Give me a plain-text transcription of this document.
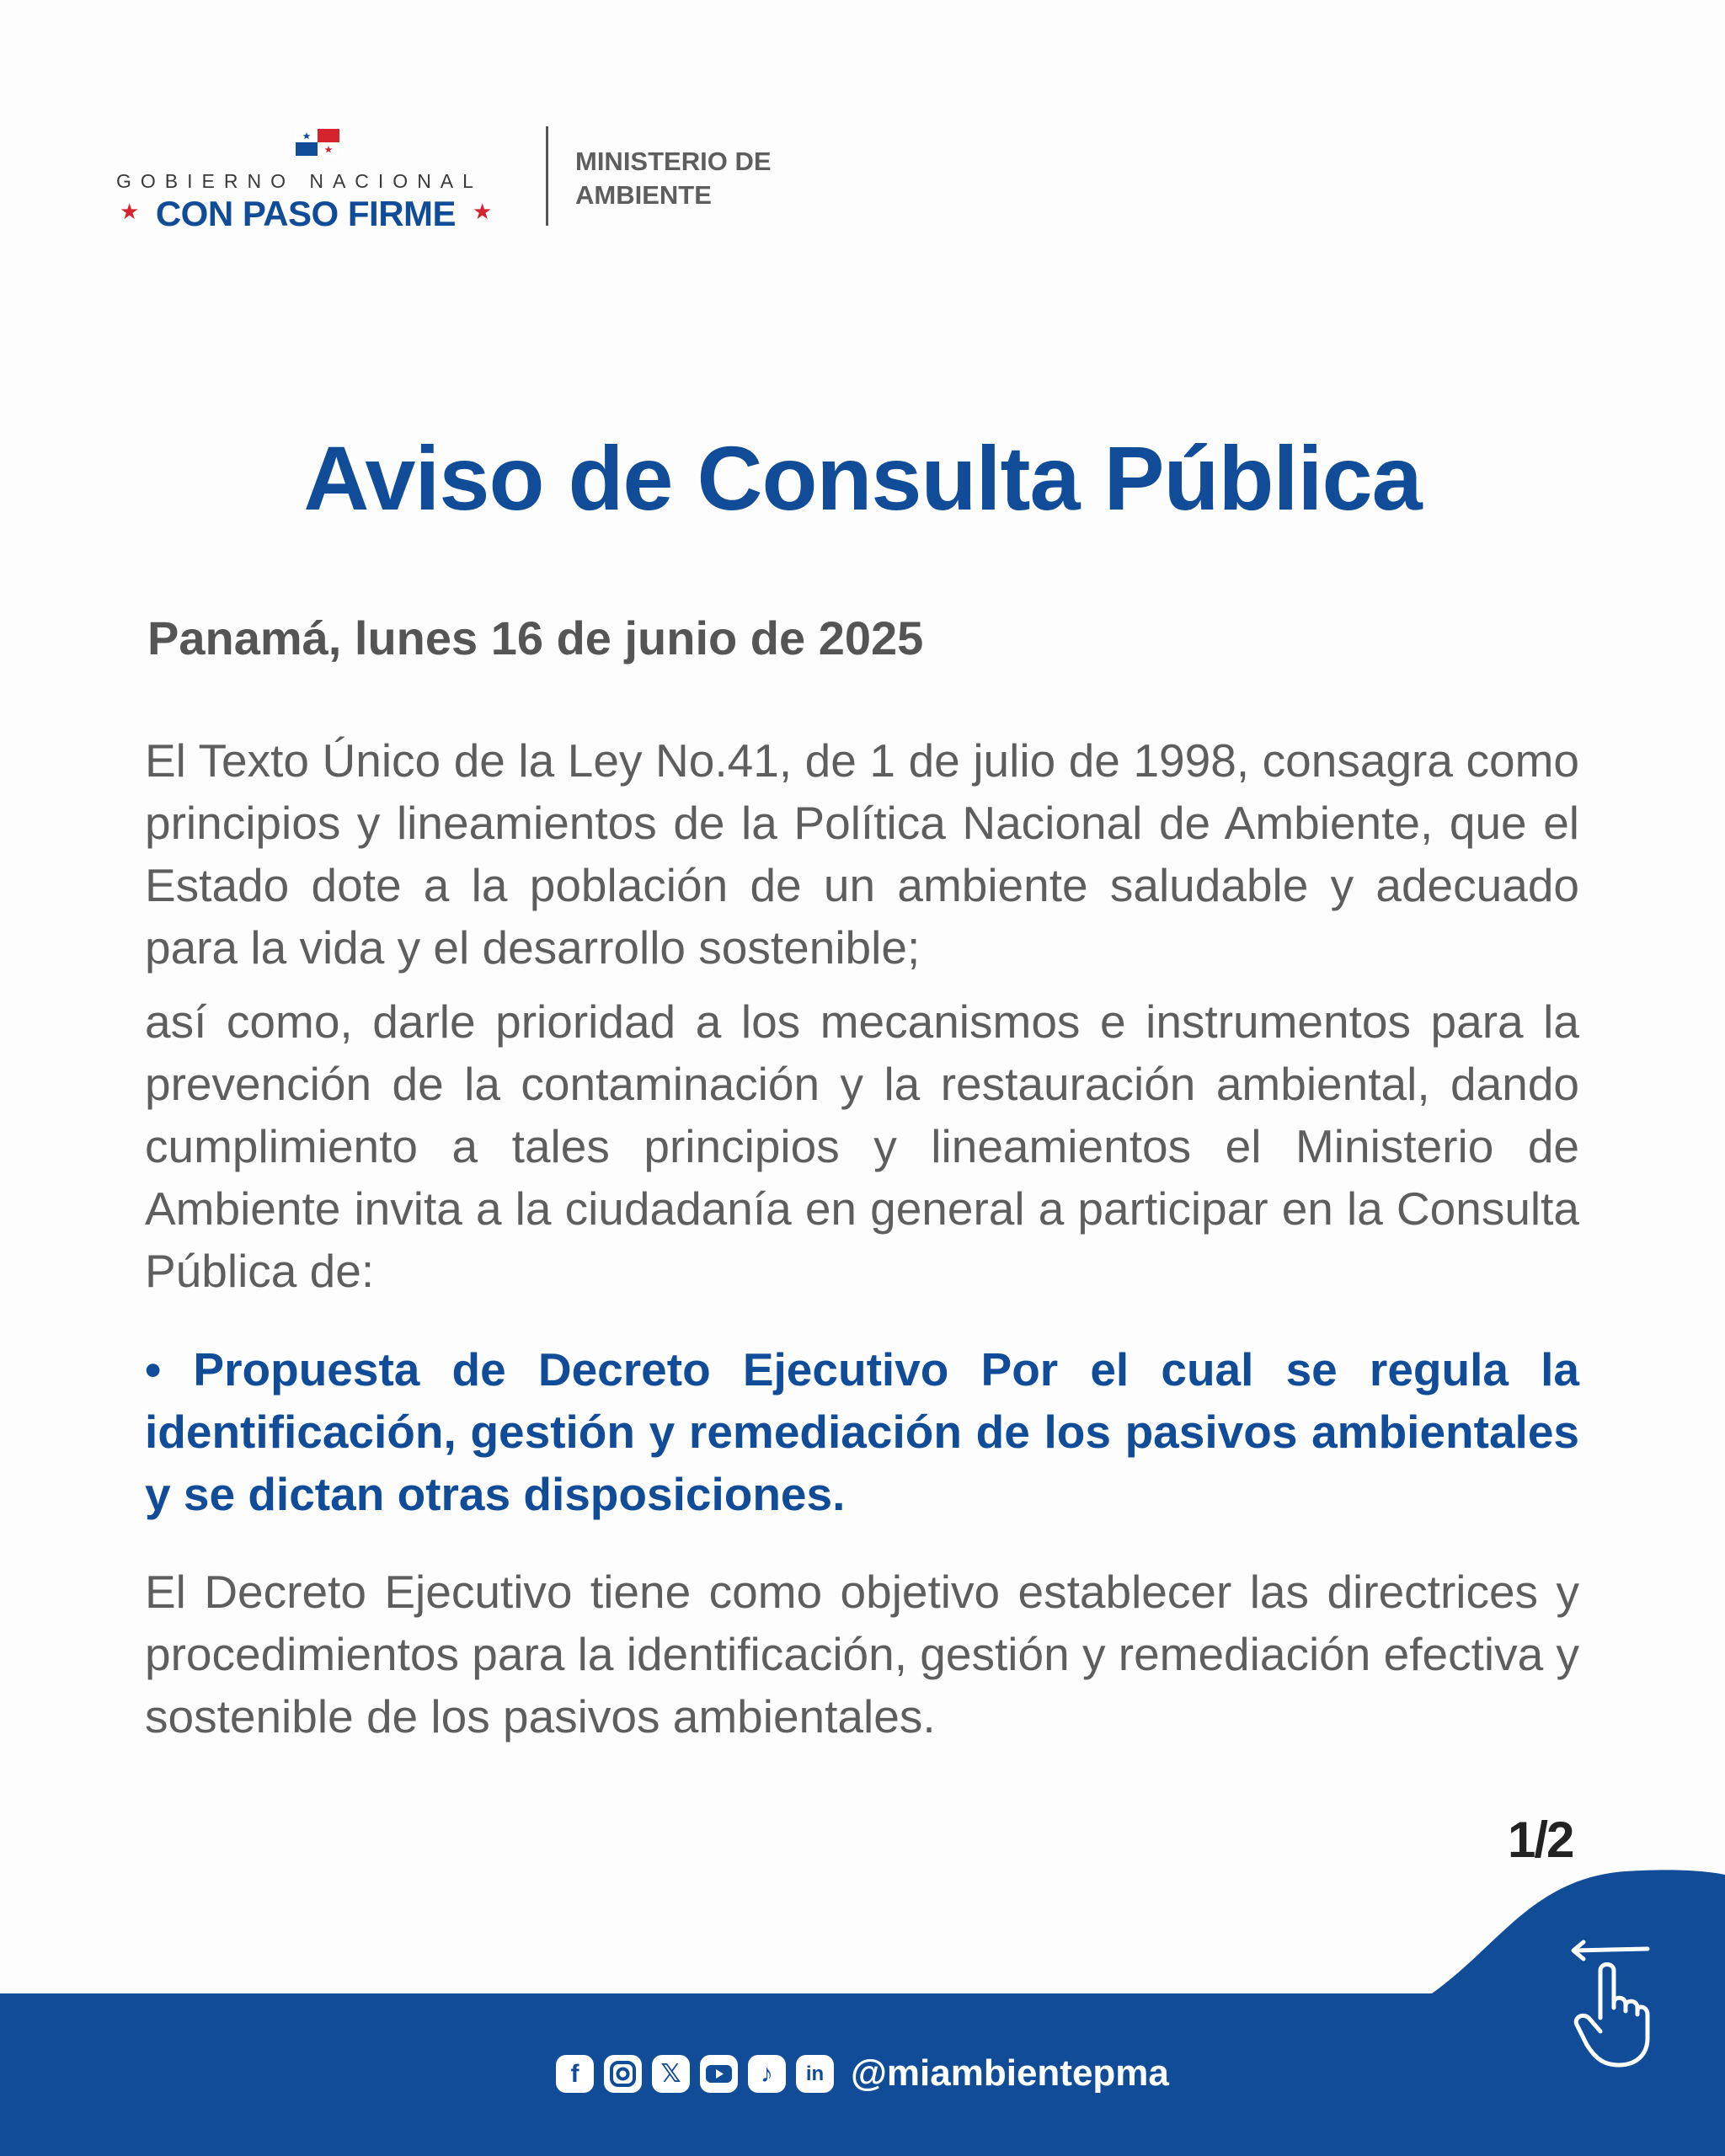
GOBIERNO NACIONAL
★ CON PASO FIRME ★
MINISTERIO DE
AMBIENTE
Aviso de Consulta Pública

Panamá, lunes 16 de junio de 2025

El Texto Único de la Ley No.41, de 1 de julio de 1998, consagra como principios y lineamientos de la Política Nacional de Ambiente, que el Estado dote a la población de un ambiente saludable y adecuado para la vida y el desarrollo sostenible;

así como, darle prioridad a los mecanismos e instrumentos para la prevención de la contaminación y la restauración ambiental, dando cumplimiento a tales principios y lineamientos el Ministerio de Ambiente invita a la ciudadanía en general a participar en la Consulta Pública de:

• Propuesta de Decreto Ejecutivo Por el cual se regula la identificación, gestión y remediación de los pasivos ambientales y se dictan otras disposiciones.

El Decreto Ejecutivo tiene como objetivo establecer las directrices y procedimientos para la identificación, gestión y remediación efectiva y sostenible de los pasivos ambientales.

1/2
f	𝕏	♪	in @miambientepma
